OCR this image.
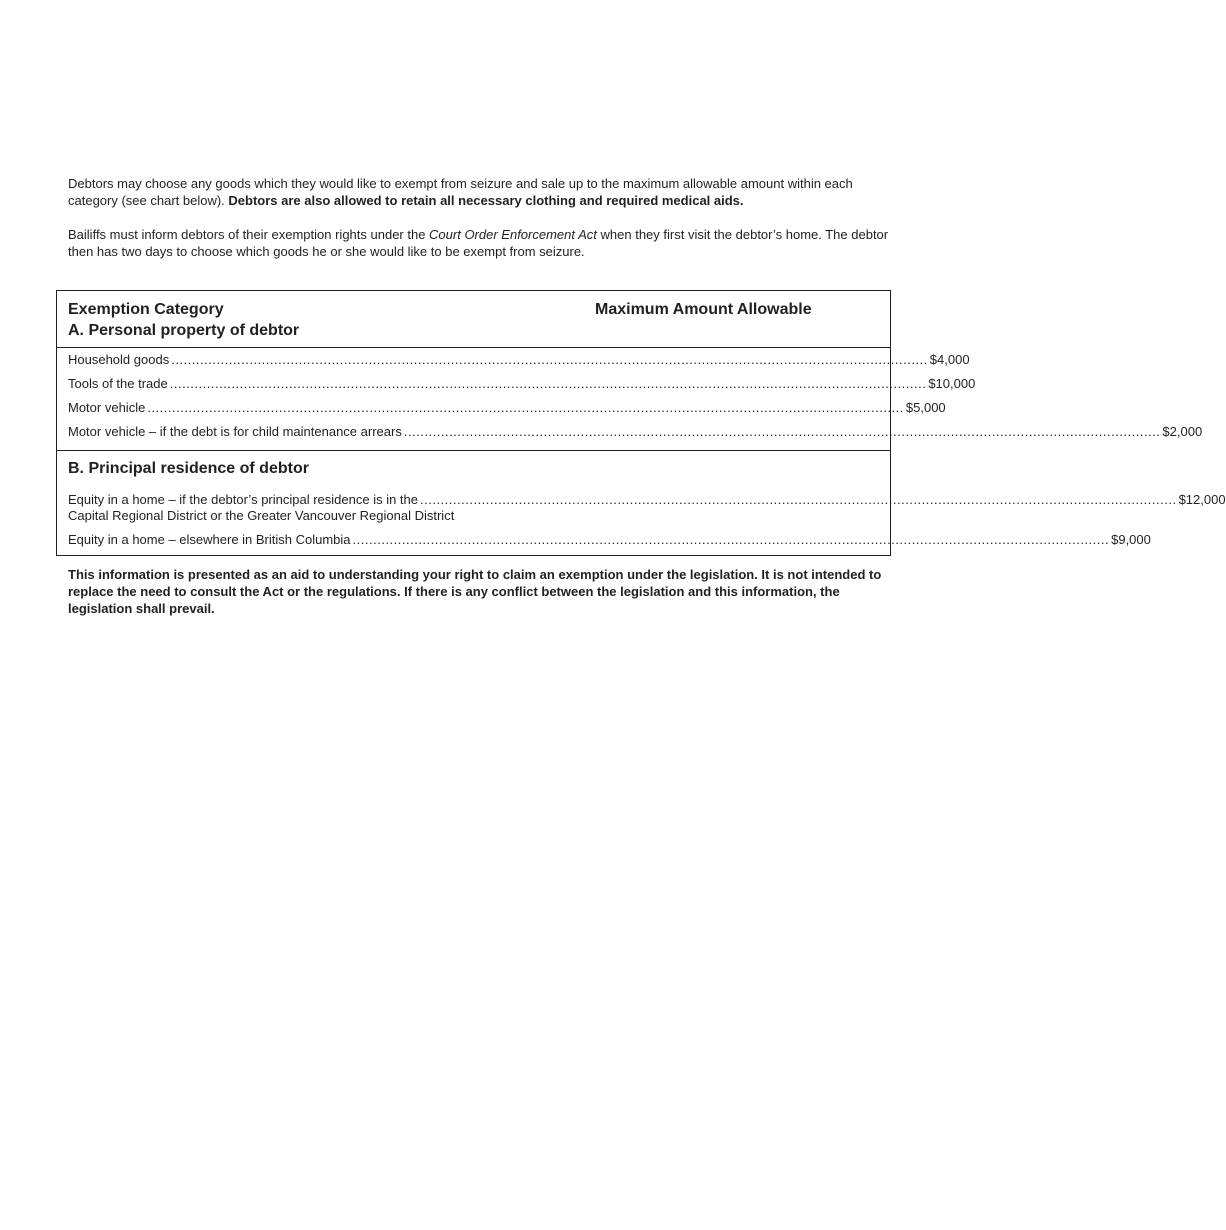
Debtors may choose any goods which they would like to exempt from seizure and sale up to the maximum allowable amount within each category (see chart below). Debtors are also allowed to retain all necessary clothing and required medical aids.

Bailiffs must inform debtors of their exemption rights under the Court Order Enforcement Act when they first visit the debtor’s home. The debtor then has two days to choose which goods he or she would like to be exempt from seizure.

Exemption Category	Maximum Amount Allowable
A. Personal property of debtor
Household goods ........................................................................................................................................................................................ $4,000
Tools of the trade ........................................................................................................................................................................................ $10,000
Motor vehicle ........................................................................................................................................................................................ $5,000
Motor vehicle – if the debt is for child maintenance arrears ........................................................................................................................................................................................ $2,000
B. Principal residence of debtor
Equity in a home – if the debtor’s principal residence is in the ........................................................................................................................................................................................ $12,000
Capital Regional District or the Greater Vancouver Regional District
Equity in a home – elsewhere in British Columbia ........................................................................................................................................................................................ $9,000
This information is presented as an aid to understanding your right to claim an exemption under the legislation. It is not intended to replace the need to consult the Act or the regulations. If there is any conflict between the legislation and this information, the legislation shall prevail.
